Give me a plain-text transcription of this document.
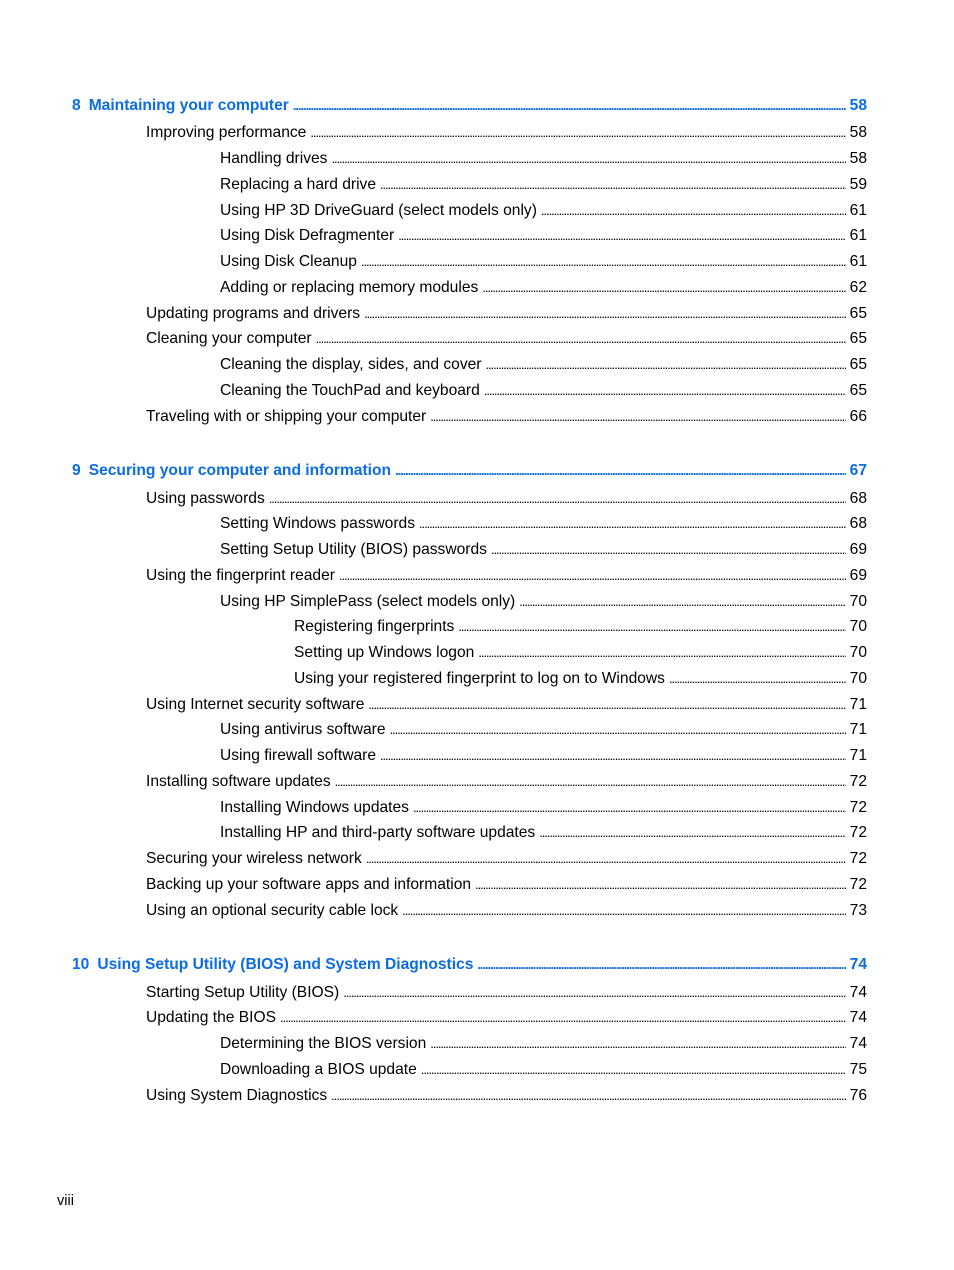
8 Maintaining your computer . . .	58
Improving performance . . .	58
Handling drives . . .	58
Replacing a hard drive . . .	59
Using HP 3D DriveGuard (select models only) . . .	61
Using Disk Defragmenter . . .	61
Using Disk Cleanup . . .	61
Adding or replacing memory modules . . .	62
Updating programs and drivers . . .	65
Cleaning your computer . . .	65
Cleaning the display, sides, and cover . . .	65
Cleaning the TouchPad and keyboard . . .	65
Traveling with or shipping your computer . . .	66
9 Securing your computer and information . . .	67
Using passwords . . .	68
Setting Windows passwords . . .	68
Setting Setup Utility (BIOS) passwords . . .	69
Using the fingerprint reader . . .	69
Using HP SimplePass (select models only) . . .	70
Registering fingerprints . . .	70
Setting up Windows logon . . .	70
Using your registered fingerprint to log on to Windows . . .	70
Using Internet security software . . .	71
Using antivirus software . . .	71
Using firewall software . . .	71
Installing software updates . . .	72
Installing Windows updates . . .	72
Installing HP and third-party software updates . . .	72
Securing your wireless network . . .	72
Backing up your software apps and information . . .	72
Using an optional security cable lock . . .	73
10 Using Setup Utility (BIOS) and System Diagnostics . . .	74
Starting Setup Utility (BIOS) . . .	74
Updating the BIOS . . .	74
Determining the BIOS version . . .	74
Downloading a BIOS update . . .	75
Using System Diagnostics . . .	76
viii
